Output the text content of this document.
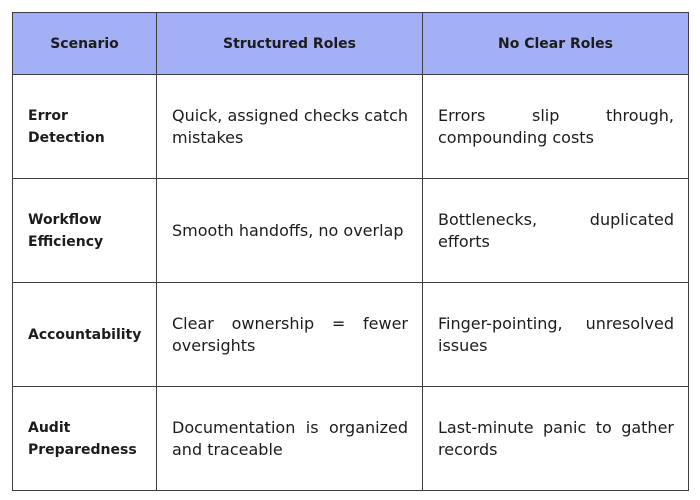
Scenario	Structured Roles	No Clear Roles
Error Detection	Quick, assigned checks catch mistakes	Errors slip through, compounding costs

Workflow Efficiency	Smooth handoffs, no overlap	Bottlenecks, duplicated efforts

Accountability	Clear ownership = fewer oversights	Finger-pointing, unresolved issues

Audit Preparedness	Documentation is organized and traceable	Last-minute panic to gather records
